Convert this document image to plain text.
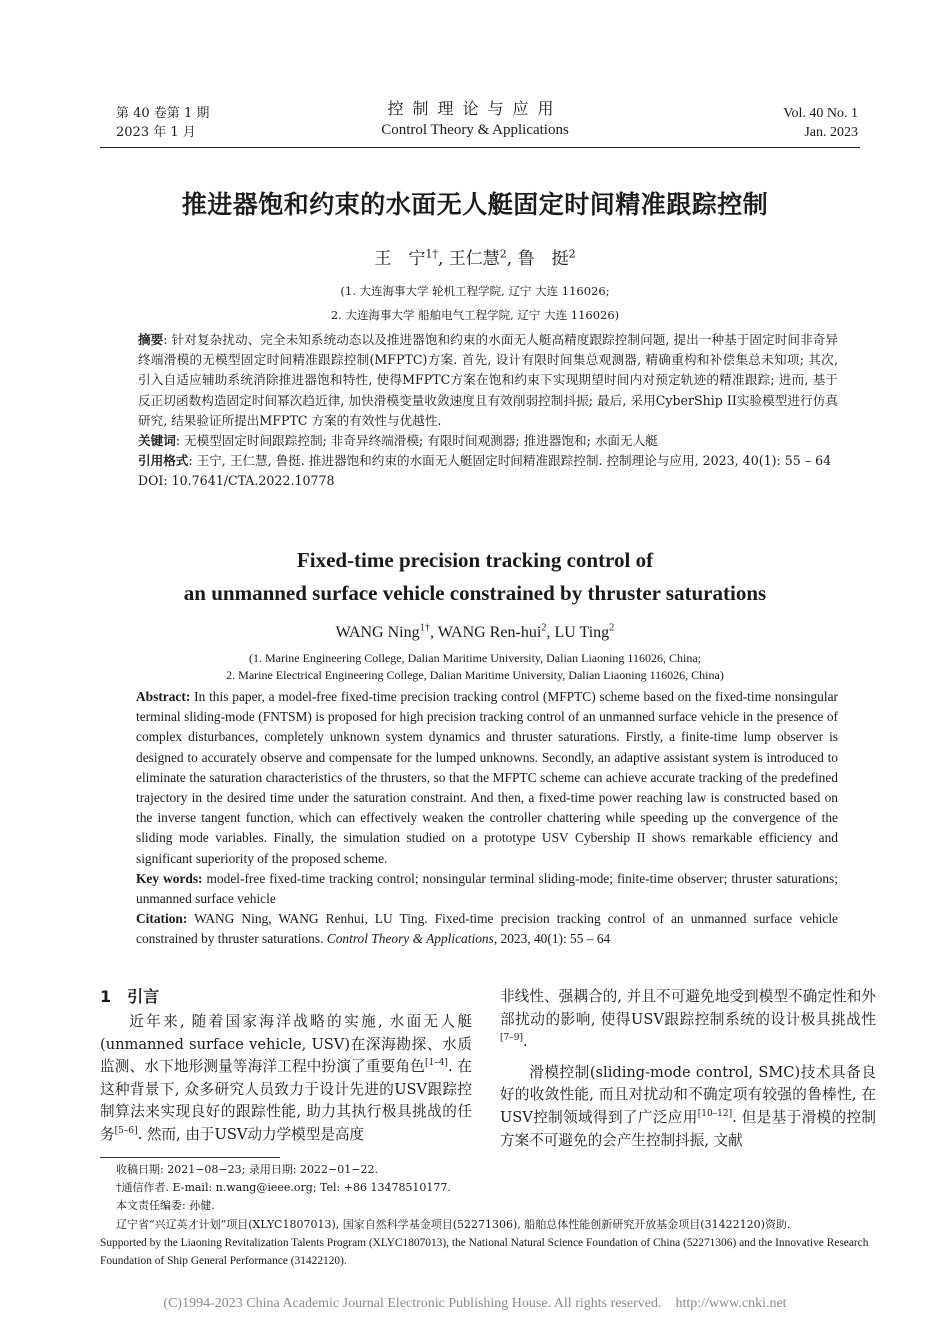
第 40 卷第 1 期
2023 年 1 月
控制理论与应用
Control Theory & Applications
Vol. 40 No. 1
Jan. 2023
推进器饱和约束的水面无人艇固定时间精准跟踪控制
王　宁$^{1\dagger}$, 王仁慧$^2$, 鲁　挺$^2$
(1. 大连海事大学 轮机工程学院, 辽宁 大连 116026;
2. 大连海事大学 船舶电气工程学院, 辽宁 大连 116026)

摘要: 针对复杂扰动、完全未知系统动态以及推进器饱和约束的水面无人艇高精度跟踪控制问题, 提出一种基于固定时间非奇异终端滑模的无模型固定时间精准跟踪控制(MFPTC)方案. 首先, 设计有限时间集总观测器, 精确重构和补偿集总未知项; 其次, 引入自适应辅助系统消除推进器饱和特性, 使得MFPTC方案在饱和约束下实现期望时间内对预定轨迹的精准跟踪; 进而, 基于反正切函数构造固定时间幂次趋近律, 加快滑模变量收敛速度且有效削弱控制抖振; 最后, 采用CyberShip II实验模型进行仿真研究, 结果验证所提出MFPTC 方案的有效性与优越性.

关键词: 无模型固定时间跟踪控制; 非奇异终端滑模; 有限时间观测器; 推进器饱和; 水面无人艇

引用格式: 王宁, 王仁慧, 鲁挺. 推进器饱和约束的水面无人艇固定时间精准跟踪控制. 控制理论与应用, 2023, 40(1): 55 – 64

DOI: 10.7641/CTA.2022.10778

Fixed-time precision tracking control of
an unmanned surface vehicle constrained by thruster saturations
WANG Ning$^{1\dagger}$, WANG Ren-hui$^2$, LU Ting$^2$
(1. Marine Engineering College, Dalian Maritime University, Dalian Liaoning 116026, China;
2. Marine Electrical Engineering College, Dalian Maritime University, Dalian Liaoning 116026, China)

Abstract: In this paper, a model-free fixed-time precision tracking control (MFPTC) scheme based on the fixed-time nonsingular terminal sliding-mode (FNTSM) is proposed for high precision tracking control of an unmanned surface vehicle in the presence of complex disturbances, completely unknown system dynamics and thruster saturations. Firstly, a finite-time lump observer is designed to accurately observe and compensate for the lumped unknowns. Secondly, an adaptive assistant system is introduced to eliminate the saturation characteristics of the thrusters, so that the MFPTC scheme can achieve accurate tracking of the predefined trajectory in the desired time under the saturation constraint. And then, a fixed-time power reaching law is constructed based on the inverse tangent function, which can effectively weaken the controller chattering while speeding up the convergence of the sliding mode variables. Finally, the simulation studied on a prototype USV Cybership II shows remarkable efficiency and significant superiority of the proposed scheme.

Key words: model-free fixed-time tracking control; nonsingular terminal sliding-mode; finite-time observer; thruster saturations; unmanned surface vehicle

Citation: WANG Ning, WANG Renhui, LU Ting. Fixed-time precision tracking control of an unmanned surface vehicle constrained by thruster saturations. Control Theory & Applications, 2023, 40(1): 55 – 64

1 引言

近年来, 随着国家海洋战略的实施, 水面无人艇(unmanned surface vehicle, USV)在深海勘探、水质监测、水下地形测量等海洋工程中扮演了重要角色[1–4]. 在这种背景下, 众多研究人员致力于设计先进的USV跟踪控制算法来实现良好的跟踪性能, 助力其执行极具挑战的任务[5–6]. 然而, 由于USV动力学模型是高度

非线性、强耦合的, 并且不可避免地受到模型不确定性和外部扰动的影响, 使得USV跟踪控制系统的设计极具挑战性[7–9].

滑模控制(sliding-mode control, SMC)技术具备良好的收敛性能, 而且对扰动和不确定项有较强的鲁棒性, 在USV控制领域得到了广泛应用[10–12]. 但是基于滑模的控制方案不可避免的会产生控制抖振, 文献

收稿日期: 2021−08−23; 录用日期: 2022−01−22.

†通信作者. E-mail: n.wang@ieee.org; Tel: +86 13478510177.

本文责任编委: 孙健.

辽宁省“兴辽英才计划”项目(XLYC1807013), 国家自然科学基金项目(52271306), 船舶总体性能创新研究开放基金项目(31422120)资助.

Supported by the Liaoning Revitalization Talents Program (XLYC1807013), the National Natural Science Foundation of China (52271306) and the Innovative Research Foundation of Ship General Performance (31422120).

(C)1994-2023 China Academic Journal Electronic Publishing House. All rights reserved.    http://www.cnki.net
